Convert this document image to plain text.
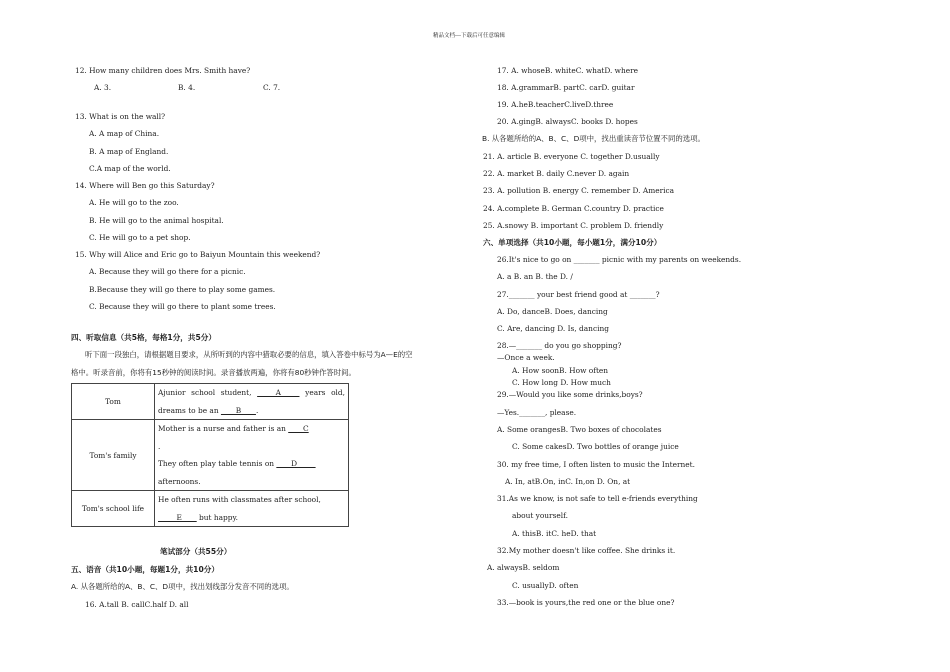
精品文档---下载后可任意编辑
12. How many children does Mrs. Smith have?
A. 3.	B. 4.	C. 7.
13. What is on the wall?
A. A map of China.
B. A map of England.
C.A map of the world.
14. Where will Ben go this Saturday?
A. He will go to the zoo.
B. He will go to the animal hospital.
C. He will go to a pet shop.
15. Why will Alice and Eric go to Baiyun Mountain this weekend?
A. Because they will go there for a picnic.
B.Because they will go there to play some games.
C. Because they will go there to plant some trees.
四、听取信息（共5格，每格1分，共5分）
听下面一段独白，请根据题目要求，从所听到的内容中猎取必要的信息，填入答卷中标号为A—E的空
格中。听录音前，你将有15秒钟的阅读时间。录音播放两遍，你将有80秒钟作答时间。
Tom	Ajunior school student, _____A_____ years old, dreams to be an ____B____.
Tom's family	Mother is a nurse and father is an ____C
.
They often play table tennis on ____D_____
afternoons.
Tom's school life	He often runs with classmates after school,
_____E____ but happy.
笔试部分（共55分）
五、语音（共10小题，每题1分，共10分）
A. 从各题所给的A、B、C、D项中，找出划线部分发音不同的选项。
16. A.tall B. callC.half D. all
17. A. whoseB. whiteC. whatD. where
18. A.grammarB. partC. carD. guitar
19. A.heB.teacherC.liveD.three
20. A.gingB. alwaysC. books D. hopes
B. 从各题所给的A、B、C、D项中，找出重读音节位置不同的选项。
21. A. article B. everyone C. together D.usually
22. A. market B. daily C.never D. again
23. A. pollution B. energy C. remember D. America
24. A.complete B. German C.country D. practice
25. A.snowy B. important C. problem D. friendly
六、单项选择（共10小题，每小题1分，满分10分）
26.It's nice to go on _______ picnic with my parents on weekends.
A. a B. an B. the D. /
27._______ your best friend good at _______?
A. Do, danceB. Does, dancing
C. Are, dancing D. Is, dancing
28.—_______ do you go shopping?
—Once a week.
A. How soonB. How often
C. How long D. How much
29.—Would you like some drinks,boys?
—Yes._______, please.
A. Some orangesB. Two boxes of chocolates
C. Some cakesD. Two bottles of orange juice
30. my free time, I often listen to music the Internet.
A. In, atB.On, inC. In,on D. On, at
31.As we know, is not safe to tell e-friends everything
about yourself.
A. thisB. itC. heD. that
32.My mother doesn't like coffee. She drinks it.
A. alwaysB. seldom
C. usuallyD. often
33.—book is yours,the red one or the blue one?
